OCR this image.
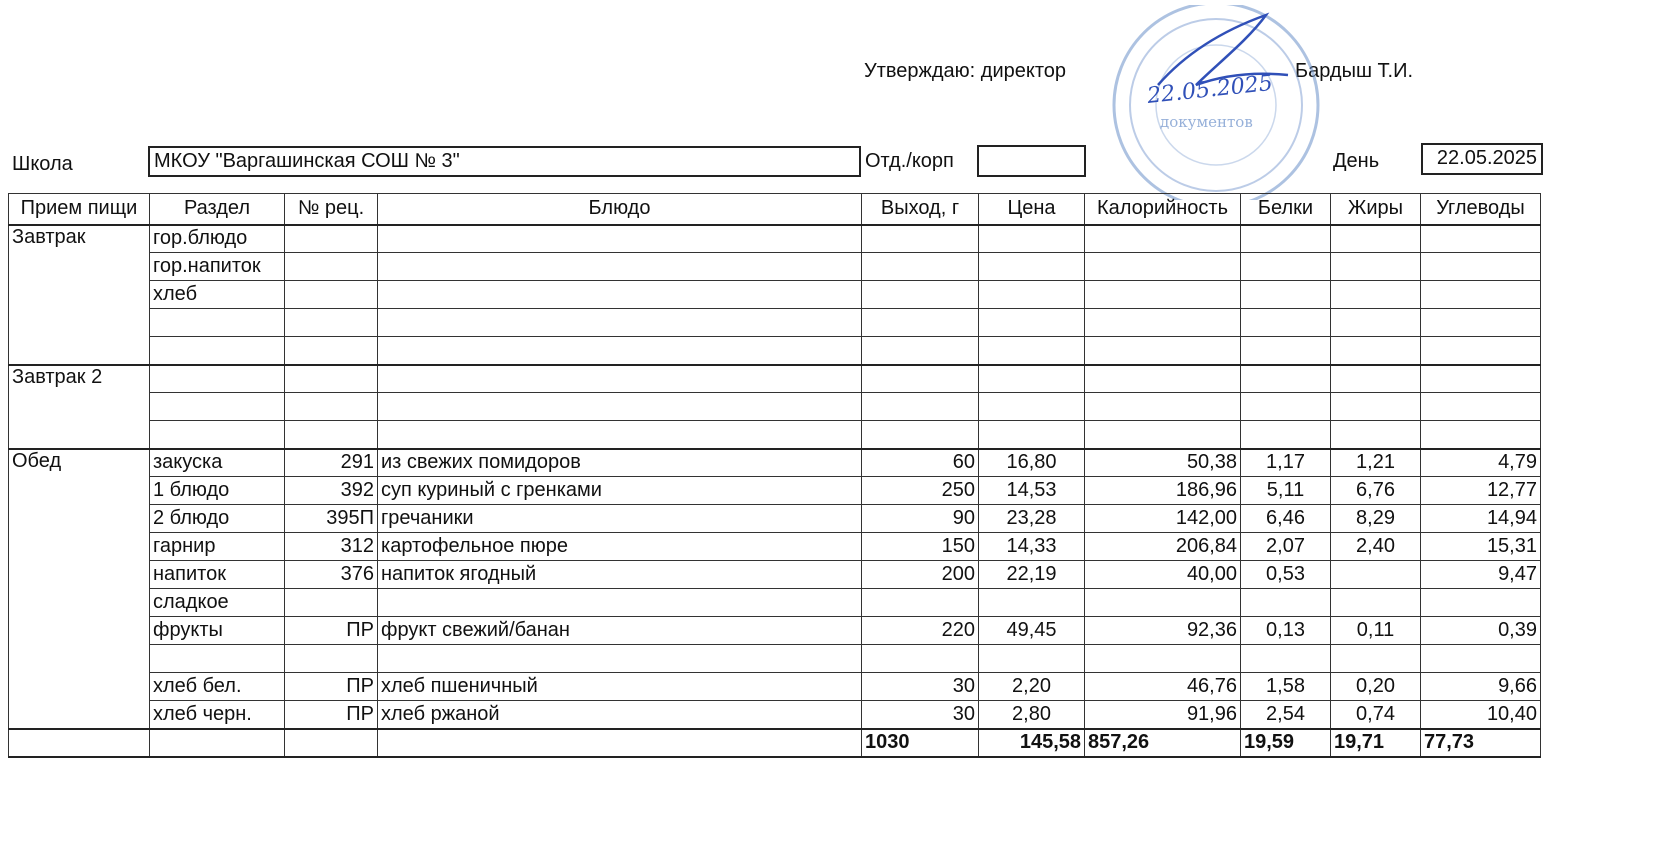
Утверждаю: директор	Бардыш Т.И.
документов
22.05.2025
Школа	МКОУ "Варгашинская СОШ № 3"	Отд./корп	День	22.05.2025
Прием пищи	Раздел	№ рец.	Блюдо	Выход, г	Цена	Калорийность	Белки	Жиры	Углеводы
Завтрак	гор.блюдо								
	гор.напиток								
	хлеб								

Завтрак 2									

Обед	закуска	291	из свежих помидоров	60	16,80	50,38	1,17	1,21	4,79
	1 блюдо	392	суп куриный с гренками	250	14,53	186,96	5,11	6,76	12,77
	2 блюдо	395П	гречаники	90	23,28	142,00	6,46	8,29	14,94
	гарнир	312	картофельное пюре	150	14,33	206,84	2,07	2,40	15,31
	напиток	376	напиток ягодный	200	22,19	40,00	0,53		9,47
	сладкое								
	фрукты	ПР	фрукт свежий/банан	220	49,45	92,36	0,13	0,11	0,39

	хлеб бел.	ПР	хлеб пшеничный	30	2,20	46,76	1,58	0,20	9,66
	хлеб черн.	ПР	хлеб ржаной	30	2,80	91,96	2,54	0,74	10,40
				1030	145,58	857,26	19,59	19,71	77,73
